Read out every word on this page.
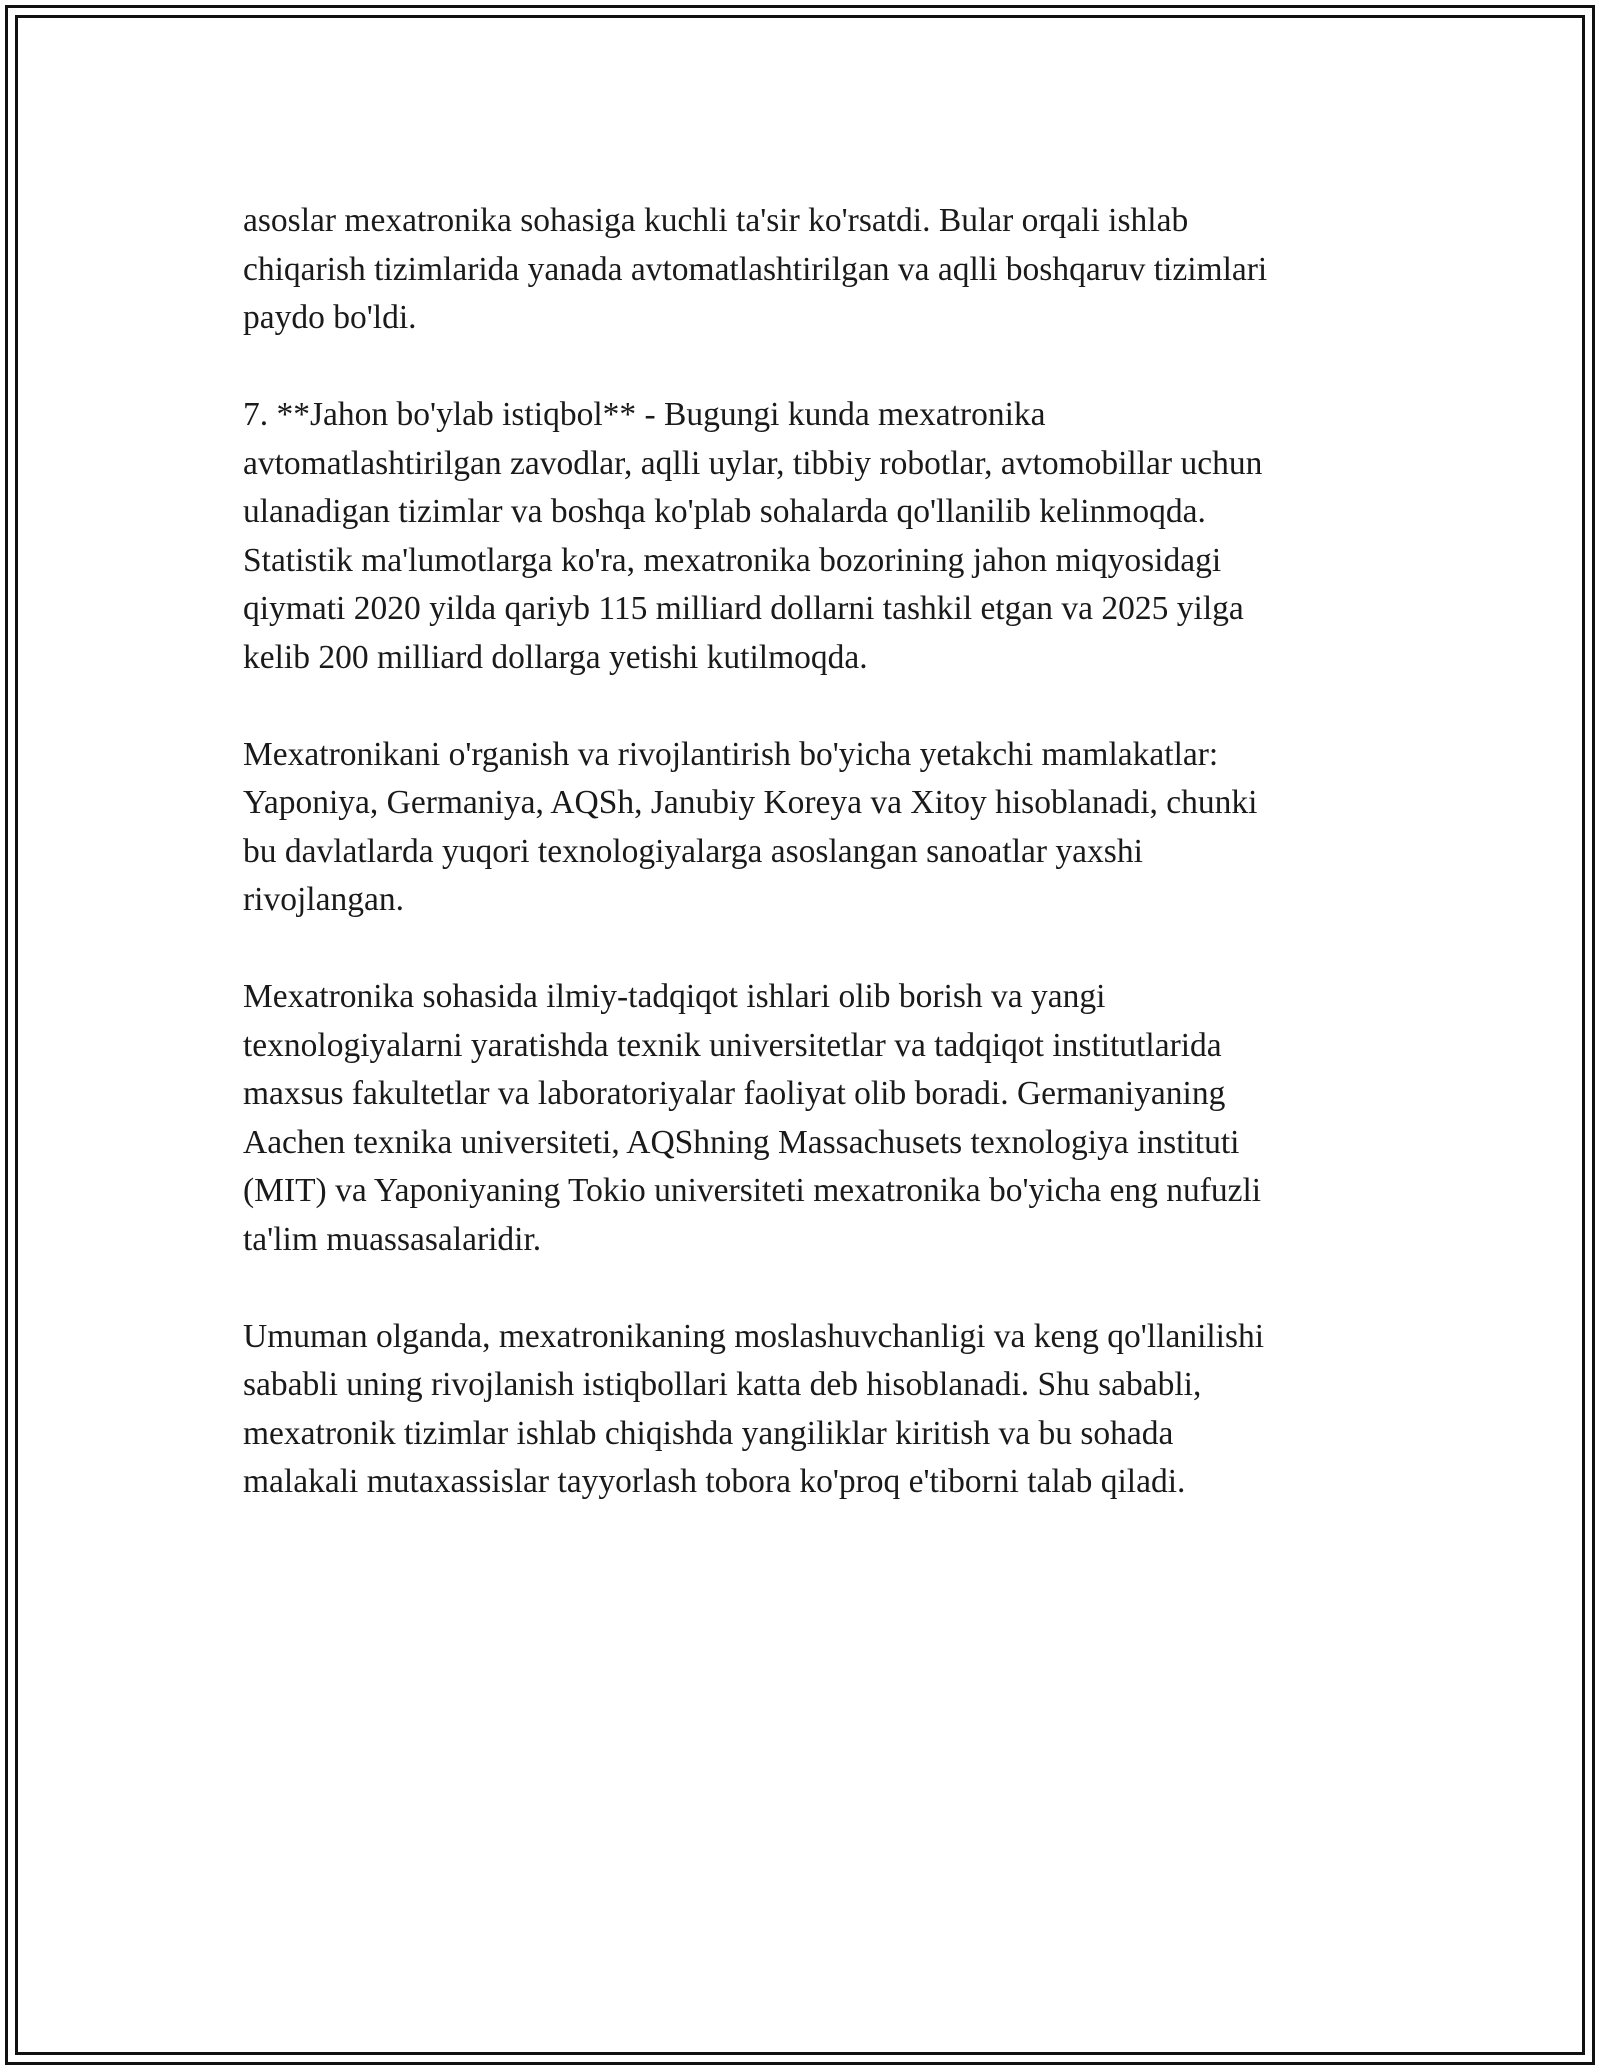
asoslar mexatronika sohasiga kuchli ta'sir ko'rsatdi. Bular orqali ishlab
chiqarish tizimlarida yanada avtomatlashtirilgan va aqlli boshqaruv tizimlari
paydo bo'ldi.
7. **Jahon bo'ylab istiqbol** - Bugungi kunda mexatronika
avtomatlashtirilgan zavodlar, aqlli uylar, tibbiy robotlar, avtomobillar uchun
ulanadigan tizimlar va boshqa ko'plab sohalarda qo'llanilib kelinmoqda.
Statistik ma'lumotlarga ko'ra, mexatronika bozorining jahon miqyosidagi
qiymati 2020 yilda qariyb 115 milliard dollarni tashkil etgan va 2025 yilga
kelib 200 milliard dollarga yetishi kutilmoqda.
Mexatronikani o'rganish va rivojlantirish bo'yicha yetakchi mamlakatlar:
Yaponiya, Germaniya, AQSh, Janubiy Koreya va Xitoy hisoblanadi, chunki
bu davlatlarda yuqori texnologiyalarga asoslangan sanoatlar yaxshi
rivojlangan.
Mexatronika sohasida ilmiy-tadqiqot ishlari olib borish va yangi
texnologiyalarni yaratishda texnik universitetlar va tadqiqot institutlarida
maxsus fakultetlar va laboratoriyalar faoliyat olib boradi. Germaniyaning
Aachen texnika universiteti, AQShning Massachusets texnologiya instituti
(MIT) va Yaponiyaning Tokio universiteti mexatronika bo'yicha eng nufuzli
ta'lim muassasalaridir.
Umuman olganda, mexatronikaning moslashuvchanligi va keng qo'llanilishi
sababli uning rivojlanish istiqbollari katta deb hisoblanadi. Shu sababli,
mexatronik tizimlar ishlab chiqishda yangiliklar kiritish va bu sohada
malakali mutaxassislar tayyorlash tobora ko'proq e'tiborni talab qiladi.
